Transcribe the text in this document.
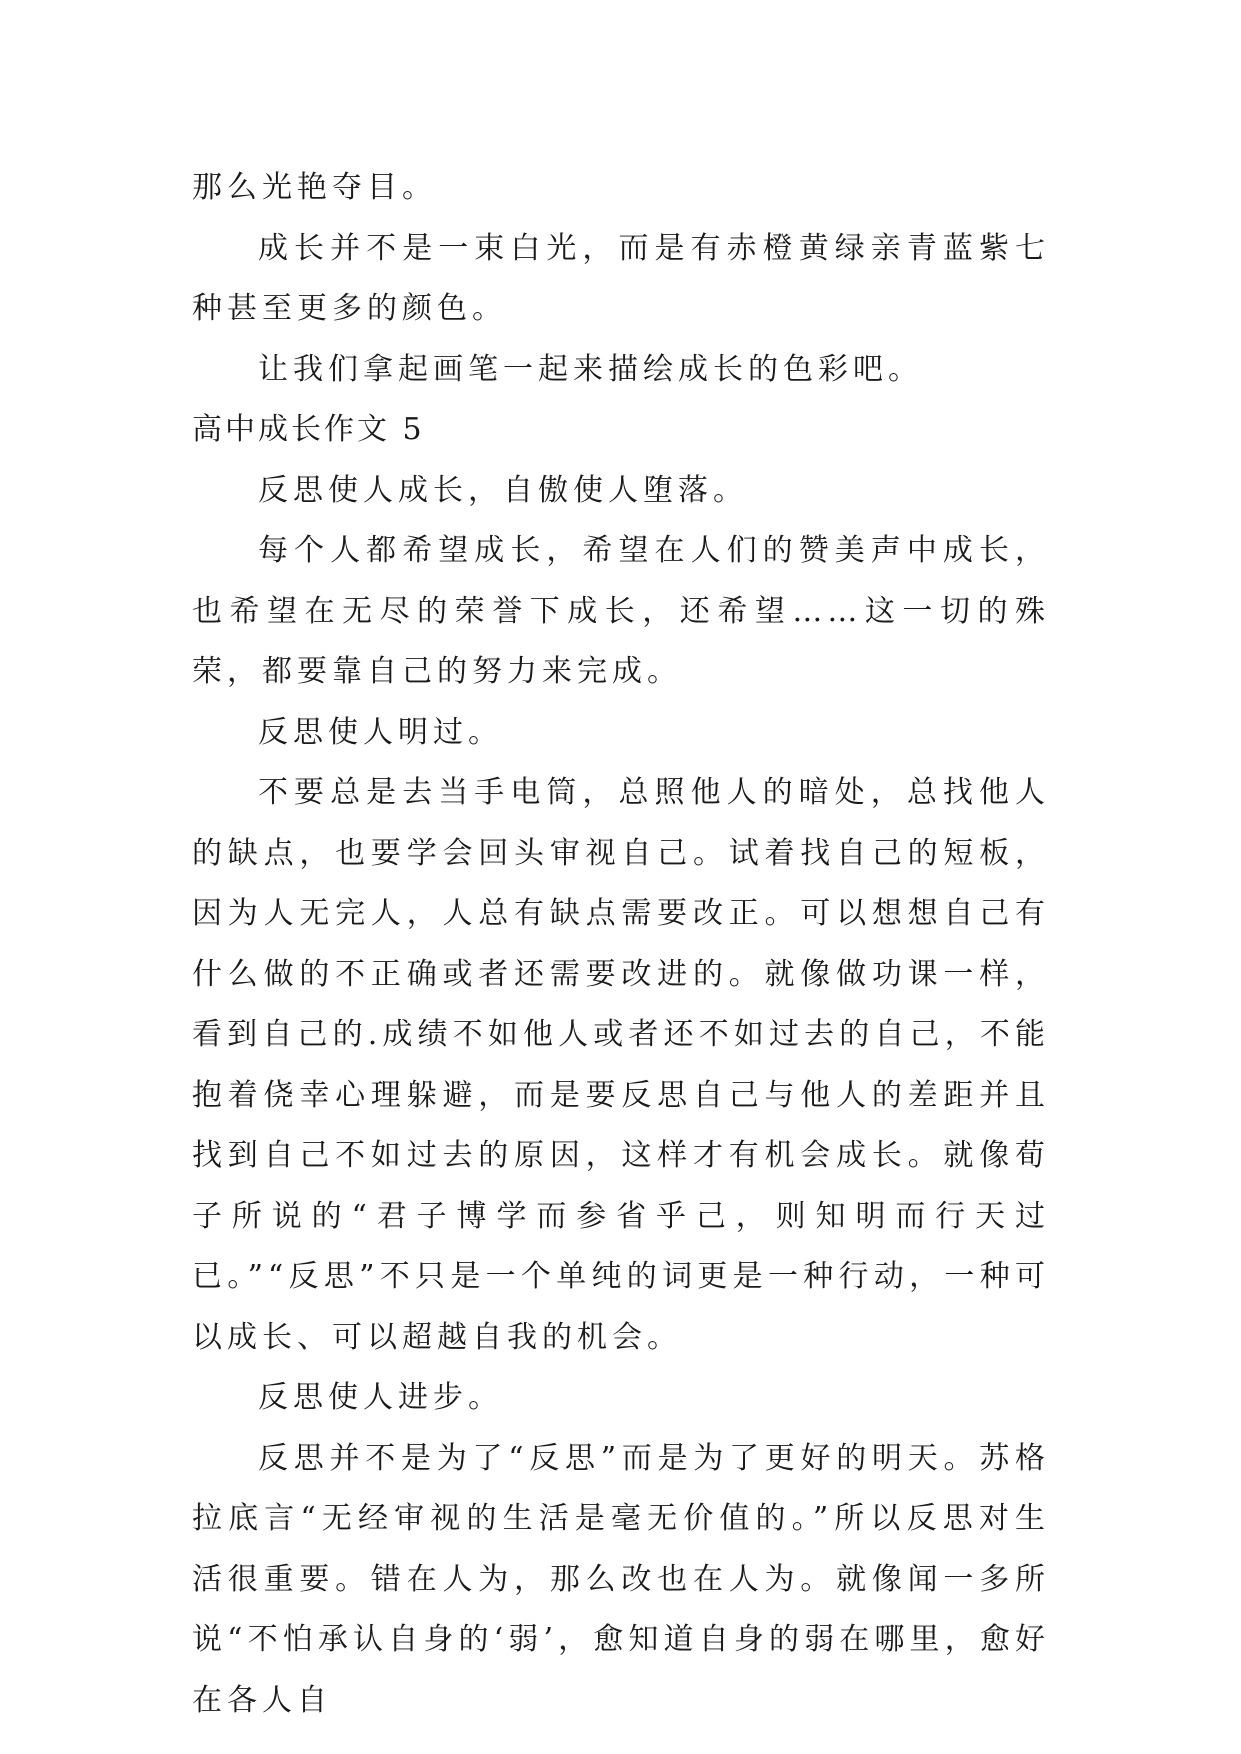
那么光艳夺目。

成长并不是一束白光，而是有赤橙黄绿亲青蓝紫七种甚至更多的颜色。

让我们拿起画笔一起来描绘成长的色彩吧。

高中成长作文 5

反思使人成长，自傲使人堕落。

每个人都希望成长，希望在人们的赞美声中成长，也希望在无尽的荣誉下成长，还希望……这一切的殊荣，都要靠自己的努力来完成。

反思使人明过。

不要总是去当手电筒，总照他人的暗处，总找他人的缺点，也要学会回头审视自己。试着找自己的短板，因为人无完人，人总有缺点需要改正。可以想想自己有什么做的不正确或者还需要改进的。就像做功课一样，看到自己的.成绩不如他人或者还不如过去的自己，不能抱着侥幸心理躲避，而是要反思自己与他人的差距并且找到自己不如过去的原因，这样才有机会成长。就像荀子所说的“君子博学而参省乎己，则知明而行天过已。”“反思”不只是一个单纯的词更是一种行动，一种可以成长、可以超越自我的机会。

反思使人进步。

反思并不是为了“反思”而是为了更好的明天。苏格拉底言“无经审视的生活是毫无价值的。”所以反思对生活很重要。错在人为，那么改也在人为。就像闻一多所说“不怕承认自身的‘弱’，愈知道自身的弱在哪里，愈好在各人自
